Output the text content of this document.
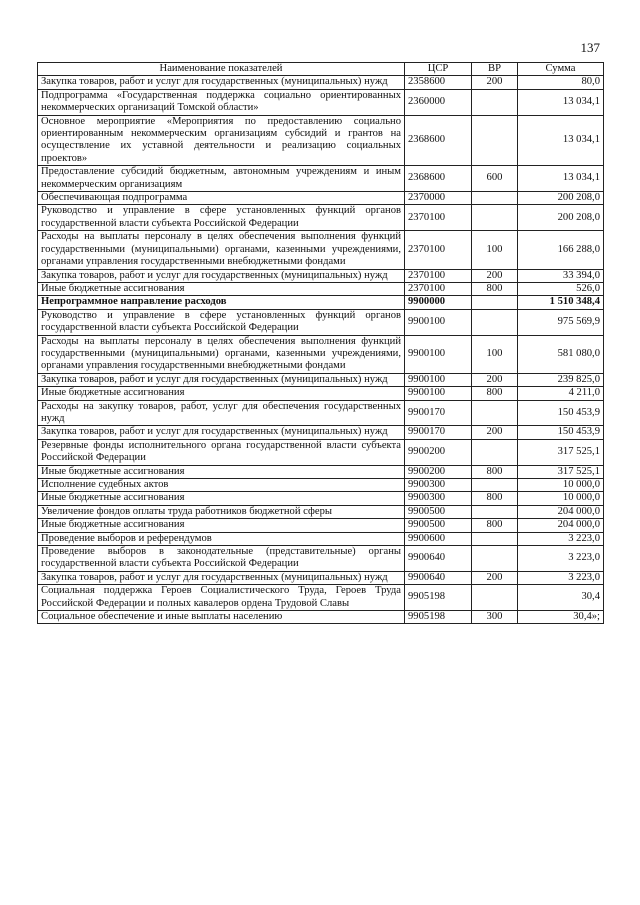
137
Наименование показателей	ЦСР	ВР	Сумма
Закупка товаров, работ и услуг для государственных (муниципальных) нужд	2358600	200	80,0
Подпрограмма «Государственная поддержка социально ориентированных некоммерческих организаций Томской области»	2360000		13 034,1
Основное мероприятие «Мероприятия по предоставлению социально ориентированным некоммерческим организациям субсидий и грантов на осуществление их уставной деятельности и реализацию социальных проектов»	2368600		13 034,1
Предоставление субсидий бюджетным, автономным учреждениям и иным некоммерческим организациям	2368600	600	13 034,1
Обеспечивающая подпрограмма	2370000		200 208,0
Руководство и управление в сфере установленных функций органов государственной власти субъекта Российской Федерации	2370100		200 208,0
Расходы на выплаты персоналу в целях обеспечения выполнения функций государственными (муниципальными) органами, казенными учреждениями, органами управления государственными внебюджетными фондами	2370100	100	166 288,0
Закупка товаров, работ и услуг для государственных (муниципальных) нужд	2370100	200	33 394,0
Иные бюджетные ассигнования	2370100	800	526,0
Непрограммное направление расходов	9900000		1 510 348,4
Руководство и управление в сфере установленных функций органов государственной власти субъекта Российской Федерации	9900100		975 569,9
Расходы на выплаты персоналу в целях обеспечения выполнения функций государственными (муниципальными) органами, казенными учреждениями, органами управления государственными внебюджетными фондами	9900100	100	581 080,0
Закупка товаров, работ и услуг для государственных (муниципальных) нужд	9900100	200	239 825,0
Иные бюджетные ассигнования	9900100	800	4 211,0
Расходы на закупку товаров, работ, услуг для обеспечения государственных нужд	9900170		150 453,9
Закупка товаров, работ и услуг для государственных (муниципальных) нужд	9900170	200	150 453,9
Резервные фонды исполнительного органа государственной власти субъекта Российской Федерации	9900200		317 525,1
Иные бюджетные ассигнования	9900200	800	317 525,1
Исполнение судебных актов	9900300		10 000,0
Иные бюджетные ассигнования	9900300	800	10 000,0
Увеличение фондов оплаты труда работников бюджетной сферы	9900500		204 000,0
Иные бюджетные ассигнования	9900500	800	204 000,0
Проведение выборов и референдумов	9900600		3 223,0
Проведение выборов в законодательные (представительные) органы государственной власти субъекта Российской Федерации	9900640		3 223,0
Закупка товаров, работ и услуг для государственных (муниципальных) нужд	9900640	200	3 223,0
Социальная поддержка Героев Социалистического Труда, Героев Труда Российской Федерации и полных кавалеров ордена Трудовой Славы	9905198		30,4
Социальное обеспечение и иные выплаты населению	9905198	300	30,4»;
